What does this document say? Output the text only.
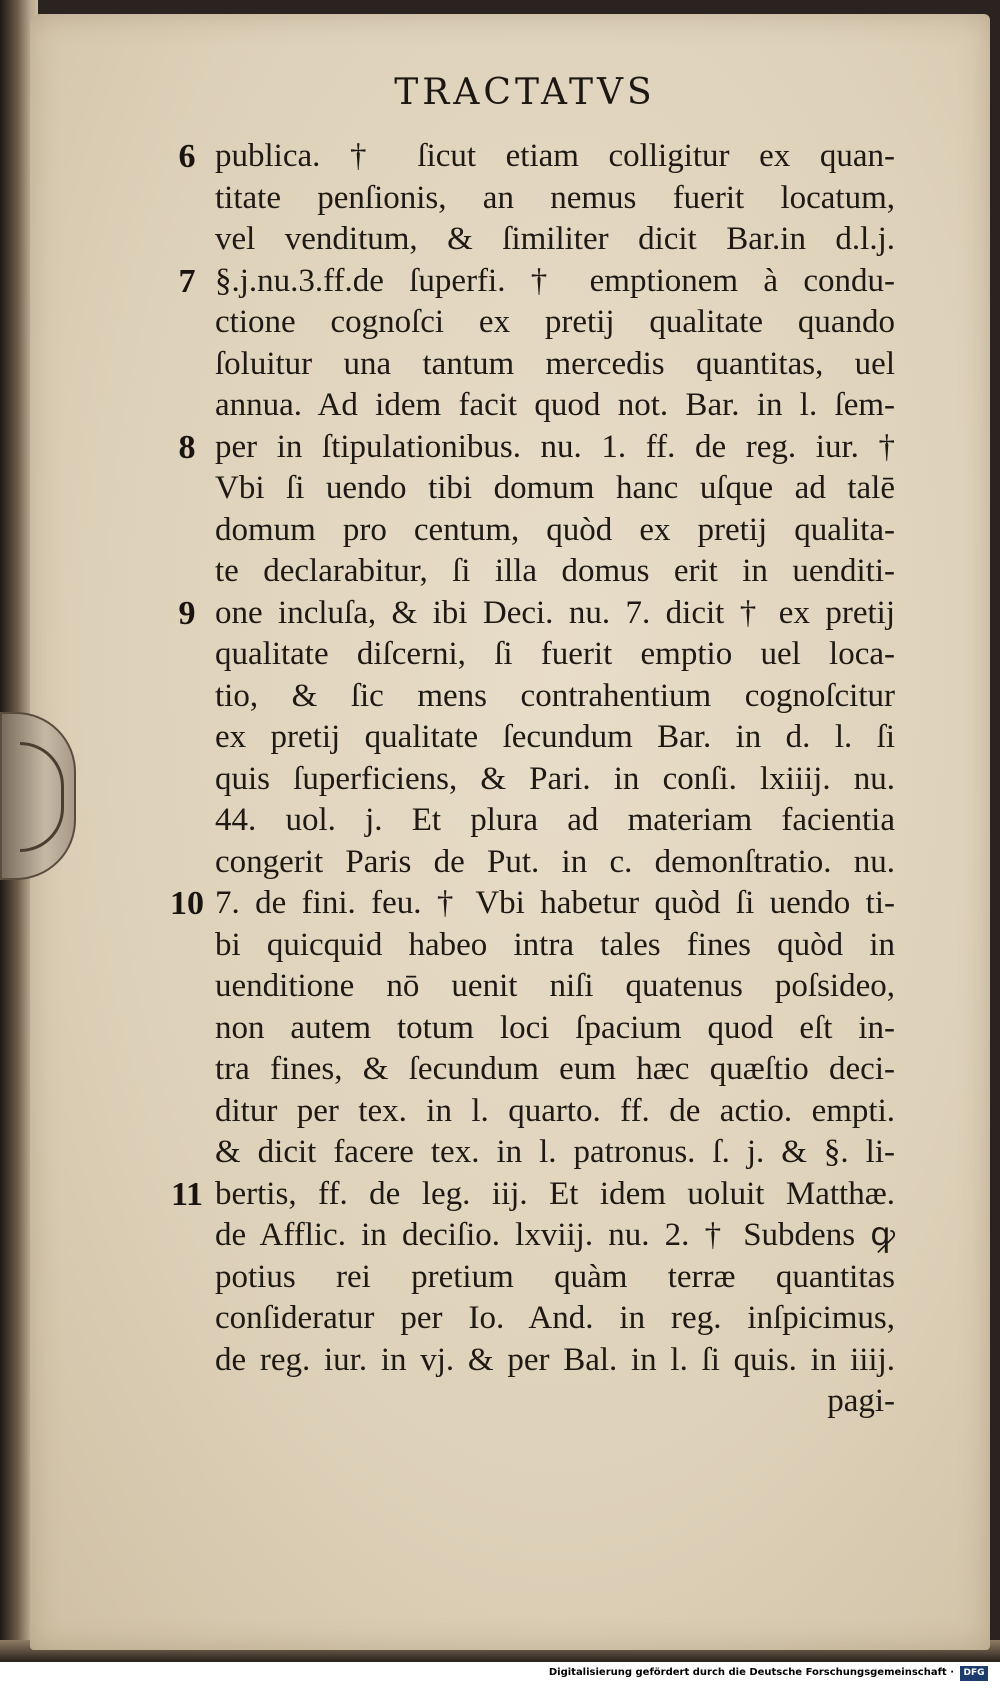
TRACTATVS
publica. † ſicut etiam colligitur ex quan-
titate penſionis, an nemus fuerit locatum,
vel venditum, & ſimiliter dicit Bar.in d.l.j.
§.j.nu.3.ff.de ſuperfi. † emptionem à condu-
ctione cognoſci ex pretij qualitate quando
ſoluitur una tantum mercedis quantitas, uel
annua. Ad idem facit quod not. Bar. in l. ſem-
per in ſtipulationibus. nu. 1. ff. de reg. iur. †
Vbi ſi uendo tibi domum hanc uſque ad talē
domum pro centum, quòd ex pretij qualita-
te declarabitur, ſi illa domus erit in uenditi-
one incluſa, & ibi Deci. nu. 7. dicit † ex pretij
qualitate diſcerni, ſi fuerit emptio uel loca-
tio, & ſic mens contrahentium cognoſcitur
ex pretij qualitate ſecundum Bar. in d. l. ſi
quis ſuperficiens, & Pari. in conſi. lxiiij. nu.
44. uol. j. Et plura ad materiam facientia
congerit Paris de Put. in c. demonſtratio. nu.
7. de fini. feu. † Vbi habetur quòd ſi uendo ti-
bi quicquid habeo intra tales fines quòd in
uenditione nō uenit niſi quatenus poſsideo,
non autem totum loci ſpacium quod eſt in-
tra fines, & ſecundum eum hæc quæſtio deci-
ditur per tex. in l. quarto. ff. de actio. empti.
& dicit facere tex. in l. patronus. ſ. j. & §. li-
bertis, ff. de leg. iij. Et idem uoluit Matthæ.
de Afflic. in deciſio. lxviij. nu. 2. † Subdens ꝙ
potius rei pretium quàm terræ quantitas
conſideratur per Io. And. in reg. inſpicimus,
de reg. iur. in vj. & per Bal. in l. ſi quis. in iiij.
pagi-
6
7
8
9
10
11
Digitalisierung gefördert durch die Deutsche Forschungsgemeinschaft ·	DFG
